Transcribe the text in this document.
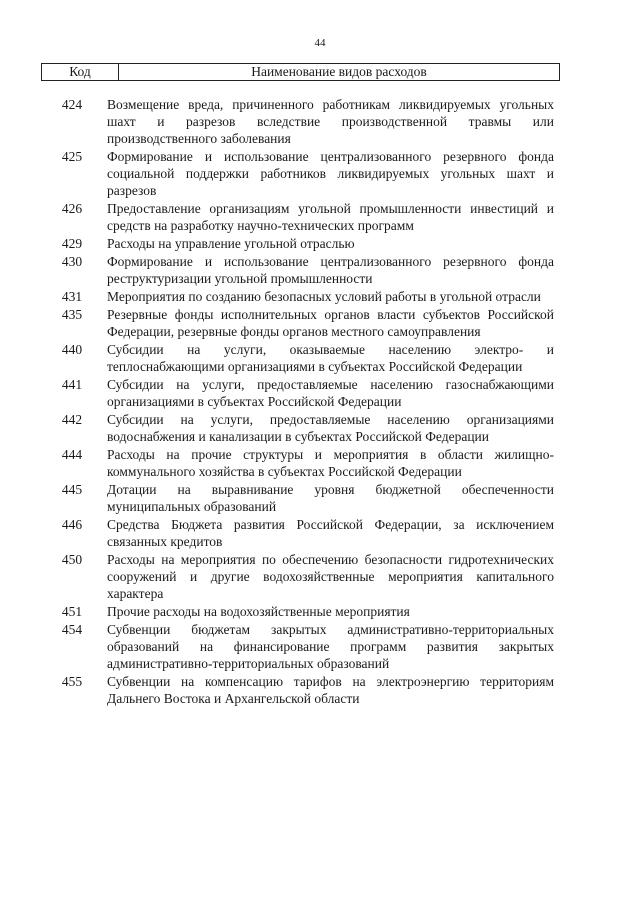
44
Код	Наименование видов расходов
424	Возмещение вреда, причиненного работникам ликвидируемых угольных шахт и разрезов вследствие производственной травмы или производственного заболевания
425	Формирование и использование централизованного резервного фонда социальной поддержки работников ликвидируемых угольных шахт и разрезов
426	Предоставление организациям угольной промышленности инвестиций и средств на разработку научно-технических программ
429	Расходы на управление угольной отраслью
430	Формирование и использование централизованного резервного фонда реструктуризации угольной промышленности
431	Мероприятия по созданию безопасных условий работы в угольной отрасли
435	Резервные фонды исполнительных органов власти субъектов Российской Федерации, резервные фонды органов местного самоуправления
440	Субсидии на услуги, оказываемые населению электро- и теплоснабжающими организациями в субъектах Российской Федерации
441	Субсидии на услуги, предоставляемые населению газоснабжающими организациями в субъектах Российской Федерации
442	Субсидии на услуги, предоставляемые населению организациями водоснабжения и канализации в субъектах Российской Федерации
444	Расходы на прочие структуры и мероприятия в области жилищно-коммунального хозяйства в субъектах Российской Федерации
445	Дотации на выравнивание уровня бюджетной обеспеченности муниципальных образований
446	Средства Бюджета развития Российской Федерации, за исключением связанных кредитов
450	Расходы на мероприятия по обеспечению безопасности гидротехнических сооружений и другие водохозяйственные мероприятия капитального характера
451	Прочие расходы на водохозяйственные мероприятия
454	Субвенции бюджетам закрытых административно-территориальных образований на финансирование программ развития закрытых административно-территориальных образований
455	Субвенции на компенсацию тарифов на электроэнергию территориям Дальнего Востока и Архангельской области
